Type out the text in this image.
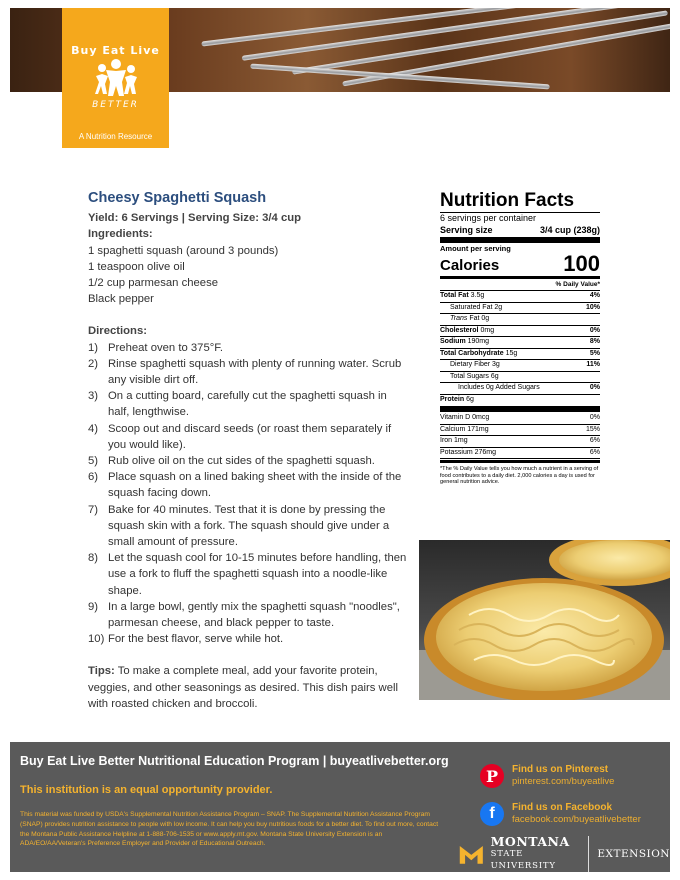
Buy Eat Live
BETTER
A Nutrition Resource
Cheesy Spaghetti Squash
Yield: 6 Servings | Serving Size: 3/4 cup
Ingredients:
1 spaghetti squash (around 3 pounds)
1 teaspoon olive oil
1/2 cup parmesan cheese
Black pepper
Directions:
1) Preheat oven to 375°F.
2) Rinse spaghetti squash with plenty of running water. Scrub any visible dirt off.
3) On a cutting board, carefully cut the spaghetti squash in half, lengthwise.
4) Scoop out and discard seeds (or roast them separately if you would like).
5) Rub olive oil on the cut sides of the spaghetti squash.
6) Place squash on a lined baking sheet with the inside of the squash facing down.
7) Bake for 40 minutes. Test that it is done by pressing the squash skin with a fork. The squash should give under a small amount of pressure.
8) Let the squash cool for 10-15 minutes before handling, then use a fork to fluff the spaghetti squash into a noodle-like shape.
9) In a large bowl, gently mix the spaghetti squash "noodles", parmesan cheese, and black pepper to taste.
10) For the best flavor, serve while hot.
Tips: To make a complete meal, add your favorite protein, veggies, and other seasonings as desired. This dish pairs well with roasted chicken and broccoli.
Nutrition Facts
6 servings per container
Serving size	3/4 cup (238g)
Amount per serving
Calories	100
% Daily Value*
Total Fat 3.5g	4%
Saturated Fat 2g	10%
Trans Fat 0g
Cholesterol 0mg	0%
Sodium 190mg	8%
Total Carbohydrate 15g	5%
Dietary Fiber 3g	11%
Total Sugars 6g
Includes 0g Added Sugars	0%
Protein 6g
Vitamin D 0mcg	0%
Calcium 171mg	15%
Iron 1mg	6%
Potassium 276mg	6%
*The % Daily Value tells you how much a nutrient in a serving of food contributes to a daily diet. 2,000 calories a day is used for general nutrition advice.
Buy Eat Live Better Nutritional Education Program | buyeatlivebetter.org
This institution is an equal opportunity provider.
This material was funded by USDA's Supplemental Nutrition Assistance Program – SNAP. The Supplemental Nutrition Assistance Program (SNAP) provides nutrition assistance to people with low income. It can help you buy nutritious foods for a better diet. To find out more, contact the Montana Public Assistance Helpline at 1-888-706-1535 or www.apply.mt.gov. Montana State University Extension is an ADA/EO/AA/Veteran's Preference Employer and Provider of Educational Outreach.
P	Find us on Pinterest
pinterest.com/buyeatlive
f	Find us on Facebook
facebook.com/buyeatlivebetter
MONTANA
STATE UNIVERSITY
EXTENSION
